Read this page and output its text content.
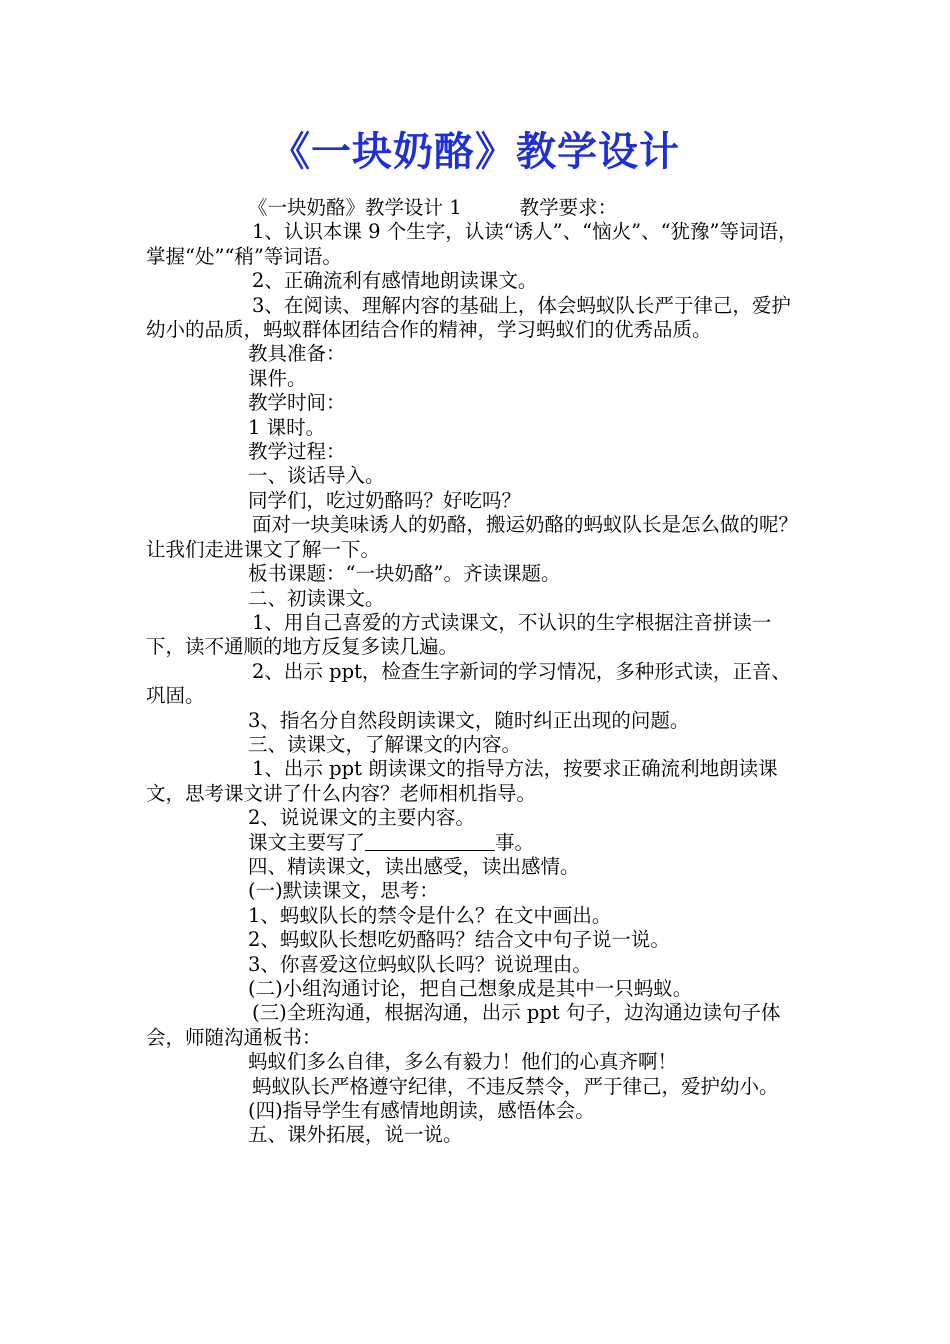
《一块奶酪》教学设计

《一块奶酪》教学设计 1	教学要求：

1、认识本课 9 个生字，认读“诱人”、“恼火”、“犹豫”等词语，掌握“处”“稍”等词语。

2、正确流利有感情地朗读课文。

3、在阅读、理解内容的基础上，体会蚂蚁队长严于律己，爱护幼小的品质，蚂蚁群体团结合作的精神，学习蚂蚁们的优秀品质。

教具准备：

课件。

教学时间：

1 课时。

教学过程：

一、谈话导入。

同学们，吃过奶酪吗？好吃吗？

面对一块美味诱人的奶酪，搬运奶酪的蚂蚁队长是怎么做的呢？让我们走进课文了解一下。

板书课题：“一块奶酪”。齐读课题。

二、初读课文。

1、用自己喜爱的方式读课文，不认识的生字根据注音拼读一下，读不通顺的地方反复多读几遍。

2、出示 ppt，检查生字新词的学习情况，多种形式读，正音、巩固。

3、指名分自然段朗读课文，随时纠正出现的问题。

三、读课文，了解课文的内容。

1、出示 ppt 朗读课文的指导方法，按要求正确流利地朗读课文，思考课文讲了什么内容？老师相机指导。

2、说说课文的主要内容。

课文主要写了	事。

四、精读课文，读出感受，读出感情。

(一)默读课文，思考：

1、蚂蚁队长的禁令是什么？在文中画出。

2、蚂蚁队长想吃奶酪吗？结合文中句子说一说。

3、你喜爱这位蚂蚁队长吗？说说理由。

(二)小组沟通讨论，把自己想象成是其中一只蚂蚁。

(三)全班沟通，根据沟通，出示 ppt 句子，边沟通边读句子体会，师随沟通板书：

蚂蚁们多么自律，多么有毅力！他们的心真齐啊！

蚂蚁队长严格遵守纪律，不违反禁令，严于律己，爱护幼小。

(四)指导学生有感情地朗读，感悟体会。

五、课外拓展，说一说。
